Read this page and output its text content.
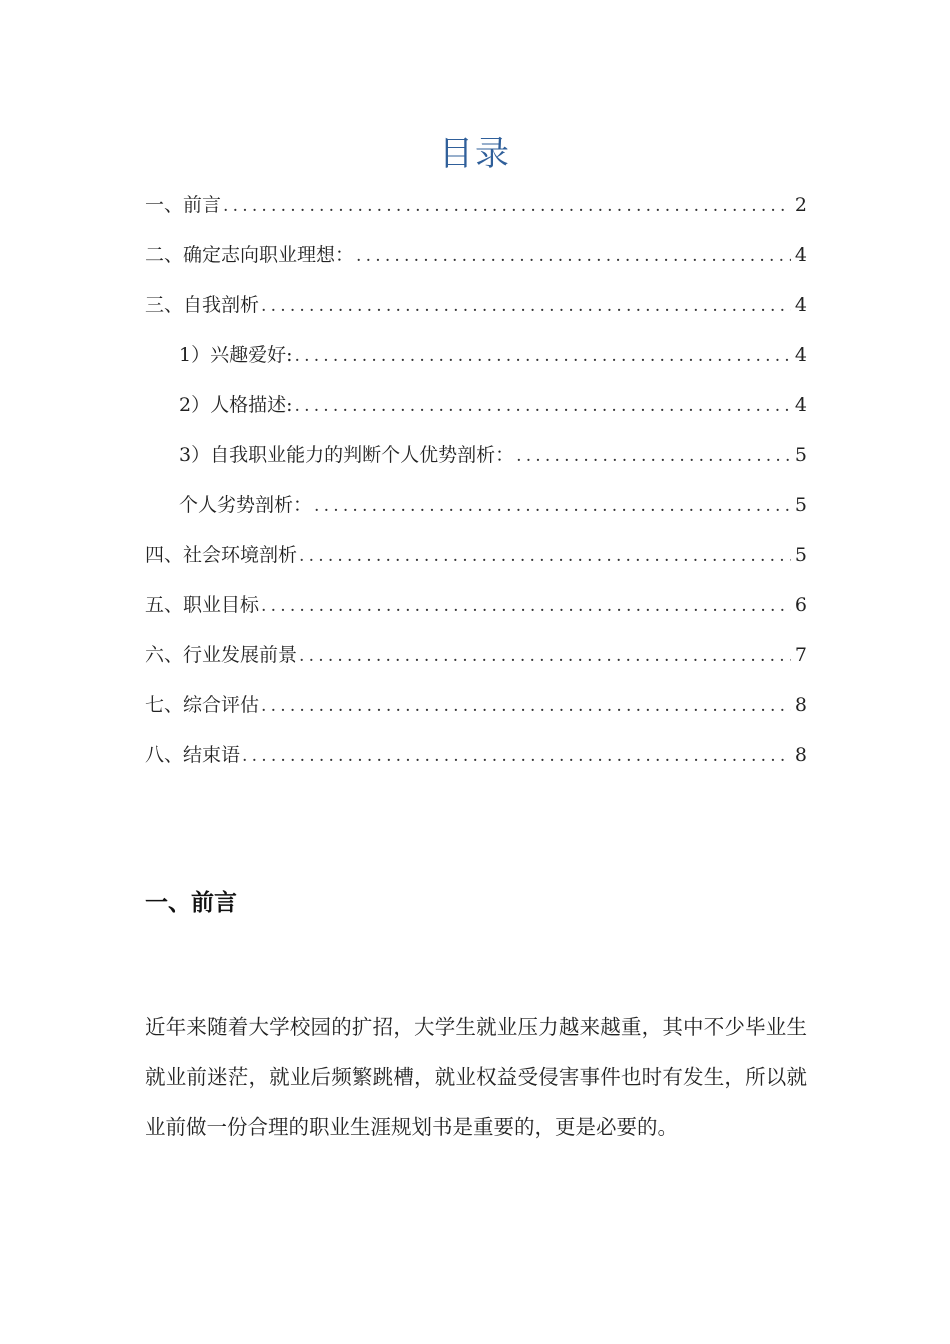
目录
一、前言 .....	2
二、确定志向职业理想： .....	4
三、自我剖析 .....	4
1）兴趣爱好: .....	4
2）人格描述: .....	4
3）自我职业能力的判断个人优势剖析： .....	5
个人劣势剖析： .....	5
四、社会环境剖析 .....	5
五、职业目标 .....	6
六、行业发展前景 .....	7
七、综合评估 .....	8
八、结束语 .....	8
一、前言
近年来随着大学校园的扩招，大学生就业压力越来越重，其中不少毕业生就业前迷茫，就业后频繁跳槽，就业权益受侵害事件也时有发生，所以就业前做一份合理的职业生涯规划书是重要的，更是必要的。
